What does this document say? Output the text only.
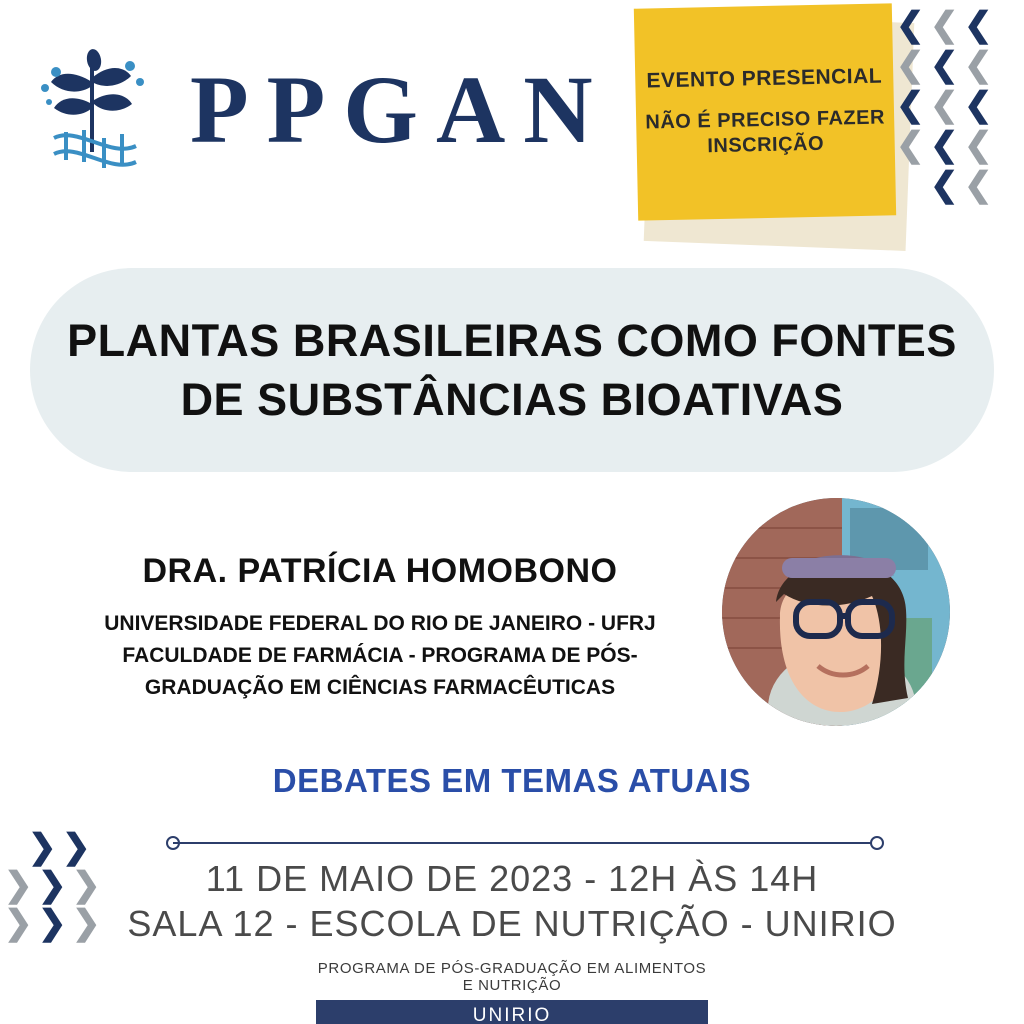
PPGAN EVENTO PRESENCIAL
NÃO É PRECISO FAZER INSCRIÇÃO
❮ ❮ ❮
❮ ❮ ❮
❮ ❮ ❮
❮ ❮ ❮
❮ ❮
❯ ❯
❯ ❯ ❯
❯ ❯ ❯
PLANTAS BRASILEIRAS COMO FONTES
DE SUBSTÂNCIAS BIOATIVAS
DRA. PATRÍCIA HOMOBONO
UNIVERSIDADE FEDERAL DO RIO DE JANEIRO - UFRJ
FACULDADE DE FARMÁCIA - PROGRAMA DE PÓS-
GRADUAÇÃO EM CIÊNCIAS FARMACÊUTICAS
DEBATES EM TEMAS ATUAIS
11 DE MAIO DE 2023 - 12H ÀS 14H
SALA 12 - ESCOLA DE NUTRIÇÃO - UNIRIO
PROGRAMA DE PÓS-GRADUAÇÃO EM ALIMENTOS E NUTRIÇÃO
UNIRIO
